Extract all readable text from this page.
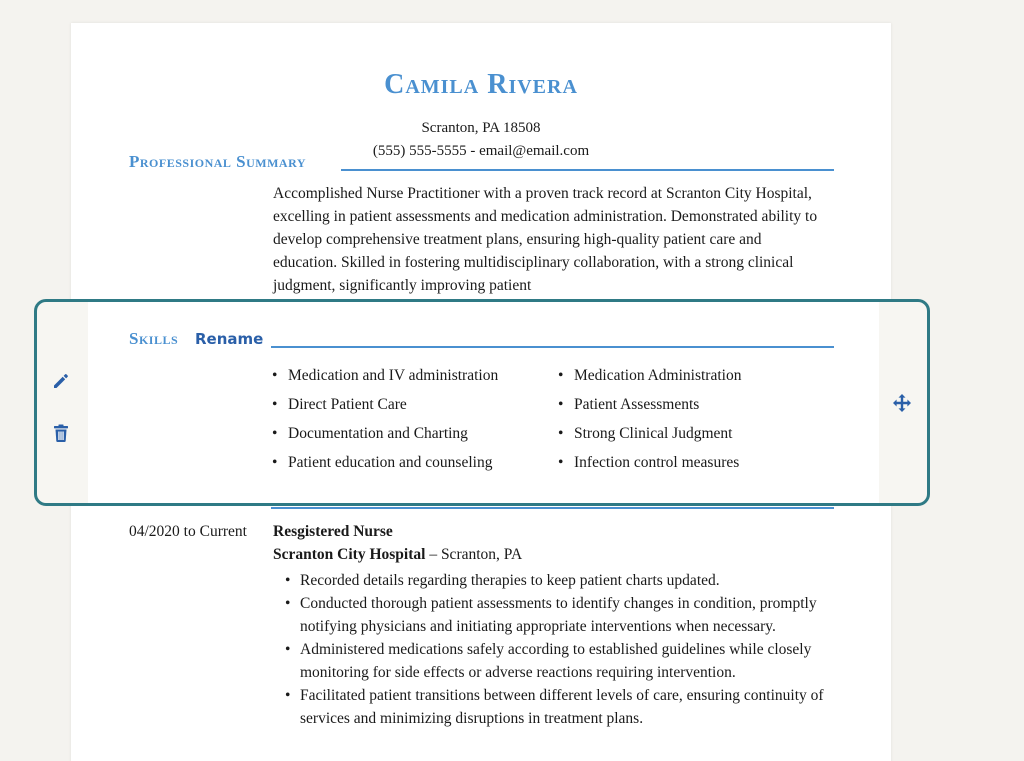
Camila Rivera
Scranton, PA 18508
(555) 555-5555 - email@email.com
Professional Summary
Accomplished Nurse Practitioner with a proven track record at Scranton City Hospital, excelling in patient assessments and medication administration. Demonstrated ability to develop comprehensive treatment plans, ensuring high-quality patient care and education. Skilled in fostering multidisciplinary collaboration, with a strong clinical judgment, significantly improving patient
Skills Rename
• Medication and IV administration
• Direct Patient Care
• Documentation and Charting
• Patient education and counseling
• Medication Administration
• Patient Assessments
• Strong Clinical Judgment
• Infection control measures
04/2020 to Current Resgistered Nurse
Scranton City Hospital – Scranton, PA
• Recorded details regarding therapies to keep patient charts updated.
• Conducted thorough patient assessments to identify changes in condition, promptly notifying physicians and initiating appropriate interventions when necessary.
• Administered medications safely according to established guidelines while closely monitoring for side effects or adverse reactions requiring intervention.
• Facilitated patient transitions between different levels of care, ensuring continuity of services and minimizing disruptions in treatment plans.
